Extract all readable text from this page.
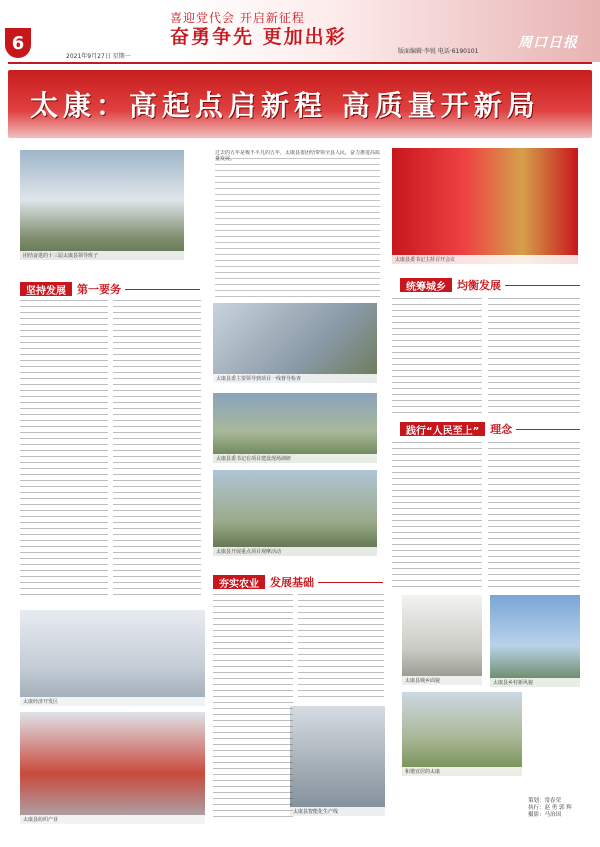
6
喜迎党代会 开启新征程
奋勇争先 更加出彩
2021年9月27日 星期一
版面编辑·李锐 电话·6190101
周口日报
太康：高起点启新程 高质量开新局
团结奋进的十三届太康县领导班子
太康县委主要领导到项目一线督导检查
太康县委书记在项目建设现场调研
太康县开展重点项目观摩活动
太康县委书记主持召开会议
太康经济开发区
太康县纺织产业
太康县智能化生产线
太康县城乡面貌	太康县乡村新风貌
和谐宜居的太康
坚持发展	第一要务	统筹城乡	均衡发展
践行“人民至上”	理念
夯实农业	发展基础
过去的五年是极不平凡的五年，太康县委团结带领全县人民，奋力推进高质量发展。
策划：常春荣
执行：赵 勇 郭 辉
摄影：马治国
